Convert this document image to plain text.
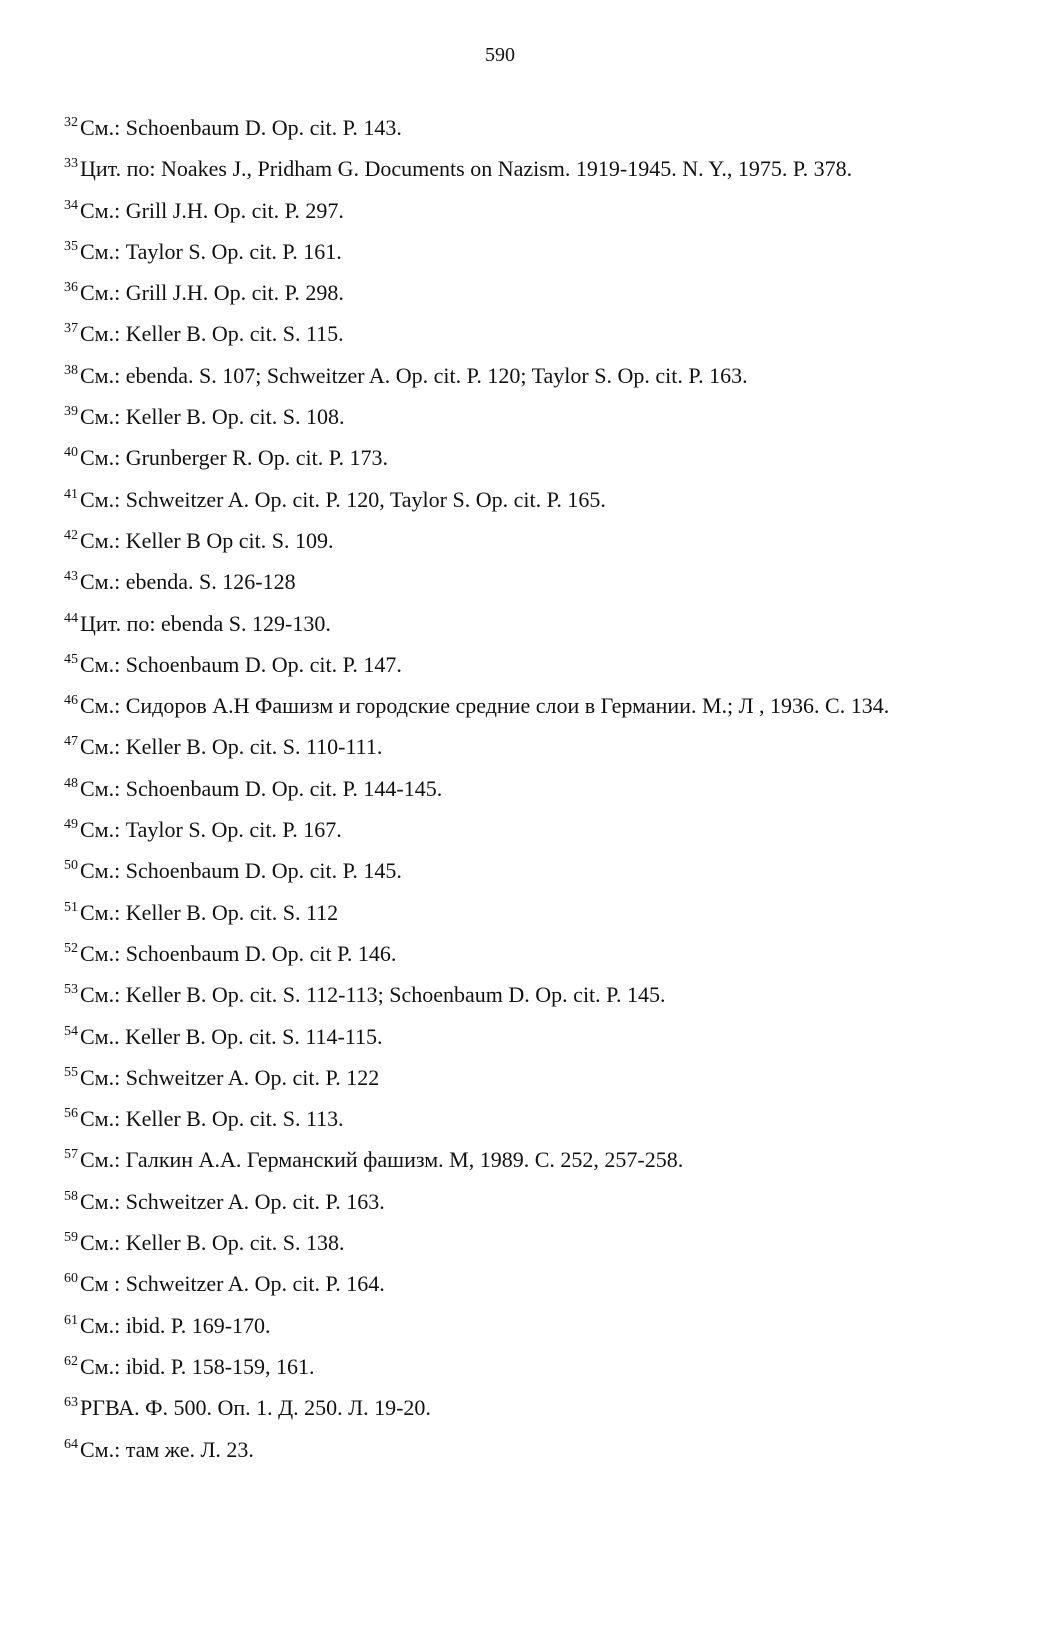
590
$^{32}$См.: Schoenbaum D. Op. cit. P. 143.
$^{33}$Цит. по: Noakes J., Pridham G. Documents on Nazism. 1919-1945. N. Y., 1975. P. 378.
$^{34}$См.: Grill J.H. Op. cit. P. 297.
$^{35}$См.: Taylor S. Op. cit. P. 161.
$^{36}$См.: Grill J.H. Op. cit. P. 298.
$^{37}$См.: Keller B. Op. cit. S. 115.
$^{38}$См.: ebenda. S. 107; Schweitzer A. Op. cit. P. 120; Taylor S. Op. cit. P. 163.
$^{39}$См.: Keller B. Op. cit. S. 108.
$^{40}$См.: Grunberger R. Op. cit. P. 173.
$^{41}$См.: Schweitzer A. Op. cit. P. 120, Taylor S. Op. cit. P. 165.
$^{42}$См.: Keller B Op cit. S. 109.
$^{43}$См.: ebenda. S. 126-128
$^{44}$Цит. по: ebenda S. 129-130.
$^{45}$См.: Schoenbaum D. Op. cit. P. 147.
$^{46}$См.: Сидоров А.Н Фашизм и городские средние слои в Германии. М.; Л , 1936. С. 134.
$^{47}$См.: Keller B. Op. cit. S. 110-111.
$^{48}$См.: Schoenbaum D. Op. cit. P. 144-145.
$^{49}$См.: Taylor S. Op. cit. P. 167.
$^{50}$См.: Schoenbaum D. Op. cit. P. 145.
$^{51}$См.: Keller B. Op. cit. S. 112
$^{52}$См.: Schoenbaum D. Op. cit P. 146.
$^{53}$См.: Keller B. Op. cit. S. 112-113; Schoenbaum D. Op. cit. P. 145.
$^{54}$См.. Keller B. Op. cit. S. 114-115.
$^{55}$См.: Schweitzer A. Op. cit. P. 122
$^{56}$См.: Keller B. Op. cit. S. 113.
$^{57}$См.: Галкин А.А. Германский фашизм. М, 1989. С. 252, 257-258.
$^{58}$См.: Schweitzer A. Op. cit. P. 163.
$^{59}$См.: Keller B. Op. cit. S. 138.
$^{60}$См : Schweitzer A. Op. cit. P. 164.
$^{61}$См.: ibid. P. 169-170.
$^{62}$См.: ibid. P. 158-159, 161.
$^{63}$РГВА. Ф. 500. Оп. 1. Д. 250. Л. 19-20.
$^{64}$См.: там же. Л. 23.
